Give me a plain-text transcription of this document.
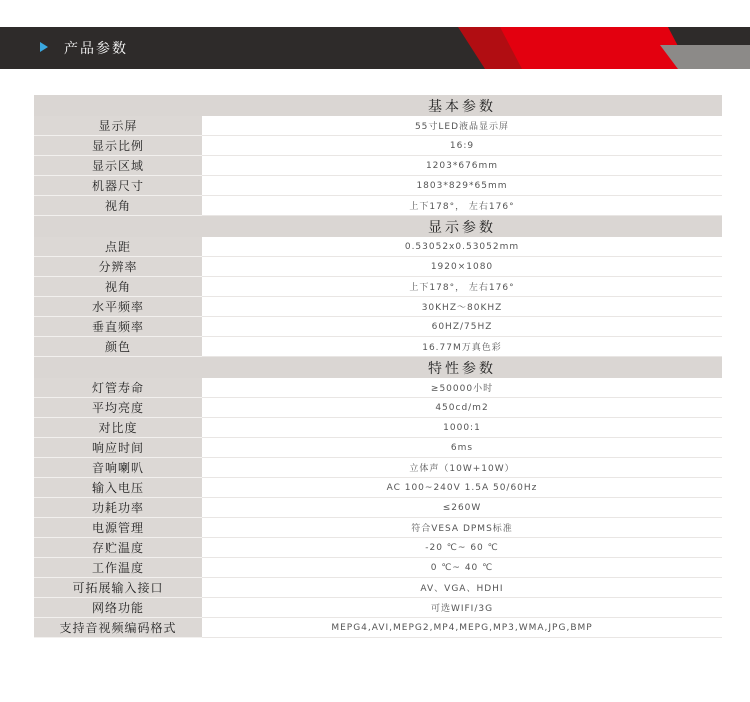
产品参数
	基本参数
显示屏	55寸LED液晶显示屏
显示比例	16:9
显示区域	1203*676mm
机器尺寸	1803*829*65mm
视角	上下178°， 左右176°
	显示参数
点距	0.53052x0.53052mm
分辨率	1920×1080
视角	上下178°， 左右176°
水平频率	30KHZ～80KHZ
垂直频率	60HZ/75HZ
颜色	16.77M万真色彩
	特性参数
灯管寿命	≥50000小时
平均亮度	450cd/m2
对比度	1000:1
响应时间	6ms
音响喇叭	立体声（10W+10W）
输入电压	AC 100~240V 1.5A 50/60Hz
功耗功率	≤260W
电源管理	符合VESA DPMS标准
存贮温度	-20 ℃~ 60 ℃
工作温度	0 ℃~ 40 ℃
可拓展输入接口	AV、VGA、HDHI
网络功能	可选WIFI/3G
支持音视频编码格式	MEPG4,AVI,MEPG2,MP4,MEPG,MP3,WMA,JPG,BMP
